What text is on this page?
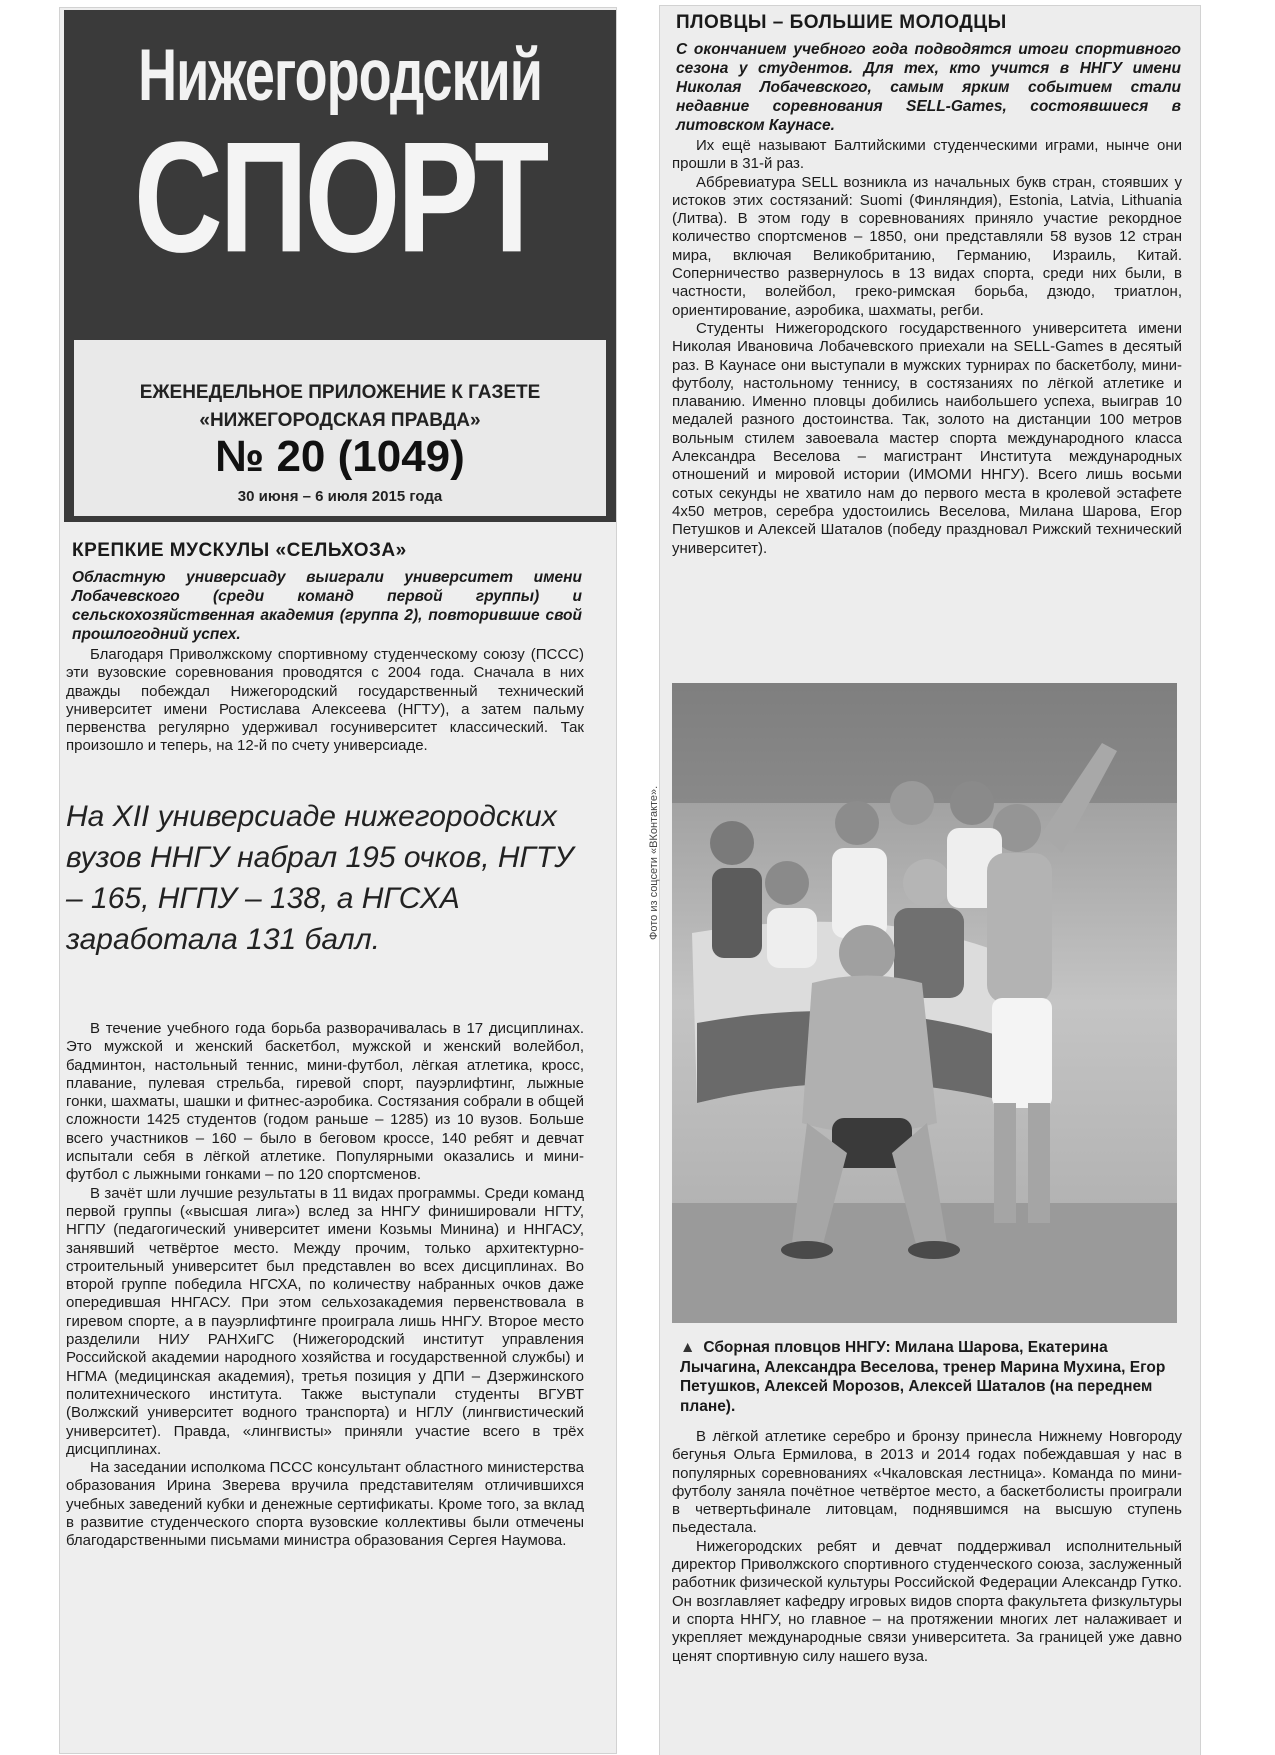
Нижегородский
СПОРТ
ЕЖЕНЕДЕЛЬНОЕ ПРИЛОЖЕНИЕ К ГАЗЕТЕ
«НИЖЕГОРОДСКАЯ ПРАВДА»
№ 20 (1049)
30 июня – 6 июля 2015 года
КРЕПКИЕ МУСКУЛЫ «СЕЛЬХОЗА»

Областную универсиаду выиграли университет имени Лобачевского (среди команд первой группы) и сельскохозяйственная академия (группа 2), повторившие свой прошлогодний успех.

Благодаря Приволжскому спортивному студенческому союзу (ПССС) эти вузовские соревнования проводятся с 2004 года. Сначала в них дважды побеждал Нижегородский государственный технический университет имени Ростислава Алексеева (НГТУ), а затем пальму первенства регулярно удерживал госуниверситет классический. Так произошло и теперь, на 12-й по счету универсиаде.

На XII универсиаде нижегородских вузов ННГУ набрал 195 очков, НГТУ – 165, НГПУ – 138, а НГСХА заработала 131 балл.

В течение учебного года борьба разворачивалась в 17 дисциплинах. Это мужской и женский баскетбол, мужской и женский волейбол, бадминтон, настольный теннис, мини-футбол, лёгкая атлетика, кросс, плавание, пулевая стрельба, гиревой спорт, пауэрлифтинг, лыжные гонки, шахматы, шашки и фитнес-аэробика. Состязания собрали в общей сложности 1425 студентов (годом раньше – 1285) из 10 вузов. Больше всего участников – 160 – было в беговом кроссе, 140 ребят и девчат испытали себя в лёгкой атлетике. Популярными оказались и мини-футбол с лыжными гонками – по 120 спортсменов.

В зачёт шли лучшие результаты в 11 видах программы. Среди команд первой группы («высшая лига») вслед за ННГУ финишировали НГТУ, НГПУ (педагогический университет имени Козьмы Минина) и ННГАСУ, занявший четвёртое место. Между прочим, только архитектурно-строительный университет был представлен во всех дисциплинах. Во второй группе победила НГСХА, по количеству набранных очков даже опередившая ННГАСУ. При этом сельхозакадемия первенствовала в гиревом спорте, а в пауэрлифтинге проиграла лишь ННГУ. Второе место разделили НИУ РАНХиГС (Нижегородский институт управления Российской академии народного хозяйства и государственной службы) и НГМА (медицинская академия), третья позиция у ДПИ – Дзержинского политехнического института. Также выступали студенты ВГУВТ (Волжский университет водного транспорта) и НГЛУ (лингвистический университет). Правда, «лингвисты» приняли участие всего в трёх дисциплинах.

На заседании исполкома ПССС консультант областного министерства образования Ирина Зверева вручила представителям отличившихся учебных заведений кубки и денежные сертификаты. Кроме того, за вклад в развитие студенческого спорта вузовские коллективы были отмечены благодарственными письмами министра образования Сергея Наумова.

ПЛОВЦЫ – БОЛЬШИЕ МОЛОДЦЫ

С окончанием учебного года подводятся итоги спортивного сезона у студентов. Для тех, кто учится в ННГУ имени Николая Лобачевского, самым ярким событием стали недавние соревнования SELL-Games, состоявшиеся в литовском Каунасе.

Их ещё называют Балтийскими студенческими играми, нынче они прошли в 31-й раз.

Аббревиатура SELL возникла из начальных букв стран, стоявших у истоков этих состязаний: Suomi (Финляндия), Estonia, Latvia, Lithuania (Литва). В этом году в соревнованиях приняло участие рекордное количество спортсменов – 1850, они представляли 58 вузов 12 стран мира, включая Великобританию, Германию, Израиль, Китай. Соперничество развернулось в 13 видах спорта, среди них были, в частности, волейбол, греко-римская борьба, дзюдо, триатлон, ориентирование, аэробика, шахматы, регби.

Студенты Нижегородского государственного университета имени Николая Ивановича Лобачевского приехали на SELL-Games в десятый раз. В Каунасе они выступали в мужских турнирах по баскетболу, мини-футболу, настольному теннису, в состязаниях по лёгкой атлетике и плаванию. Именно пловцы добились наибольшего успеха, выиграв 10 медалей разного достоинства. Так, золото на дистанции 100 метров вольным стилем завоевала мастер спорта международного класса Александра Веселова – магистрант Института международных отношений и мировой истории (ИМОМИ ННГУ). Всего лишь восьми сотых секунды не хватило нам до первого места в кролевой эстафете 4х50 метров, серебра удостоились Веселова, Милана Шарова, Егор Петушков и Алексей Шаталов (победу праздновал Рижский технический университет).

Фото из соцсети «ВКонтакте».

▲ Сборная пловцов ННГУ: Милана Шарова, Екатерина Лычагина, Александра Веселова, тренер Марина Мухина, Егор Петушков, Алексей Морозов, Алексей Шаталов (на переднем плане).

В лёгкой атлетике серебро и бронзу принесла Нижнему Новгороду бегунья Ольга Ермилова, в 2013 и 2014 годах побеждавшая у нас в популярных соревнованиях «Чкаловская лестница». Команда по мини-футболу заняла почётное четвёртое место, а баскетболисты проиграли в четвертьфинале литовцам, поднявшимся на высшую ступень пьедестала.

Нижегородских ребят и девчат поддерживал исполнительный директор Приволжского спортивного студенческого союза, заслуженный работник физической культуры Российской Федерации Александр Гутко. Он возглавляет кафедру игровых видов спорта факультета физкультуры и спорта ННГУ, но главное – на протяжении многих лет налаживает и укрепляет международные связи университета. За границей уже давно ценят спортивную силу нашего вуза.
